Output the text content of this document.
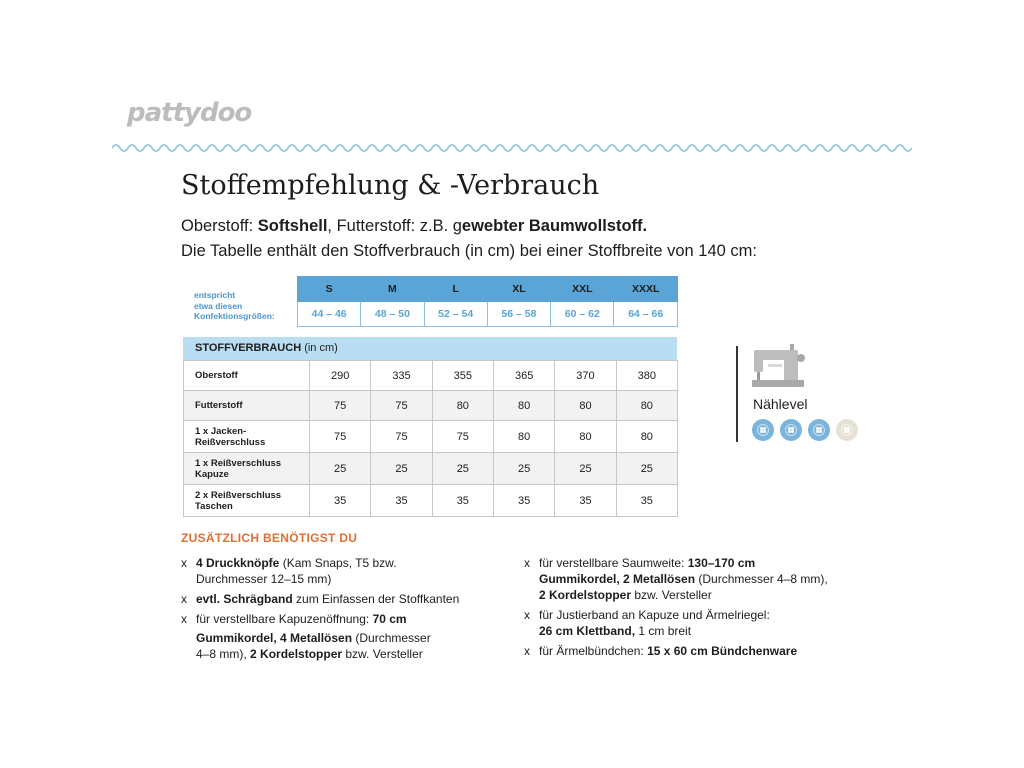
pattydoo
Stoffempfehlung & -Verbrauch
Oberstoff: Softshell, Futterstoff: z.B. gewebter Baumwollstoff.
Die Tabelle enthält den Stoffverbrauch (in cm) bei einer Stoffbreite von 140 cm:
entspricht
etwa diesen
Konfektionsgrößen:
S	M	L	XL	XXL	XXXL
44 – 46	48 – 50	52 – 54	56 – 58	60 – 62	64 – 66
STOFFVERBRAUCH (in cm)
Oberstoff	290	335	355	365	370	380
Futterstoff	75	75	80	80	80	80
1 x Jacken-
Reißverschluss	75	75	75	80	80	80
1 x Reißverschluss
Kapuze	25	25	25	25	25	25
2 x Reißverschluss
Taschen	35	35	35	35	35	35
Nählevel
ZUSÄTZLICH BENÖTIGST DU
x 4 Druckknöpfe (Kam Snaps, T5 bzw.
Durchmesser 12–15 mm)
x evtl. Schrägband zum Einfassen der Stoffkanten
x für verstellbare Kapuzenöffnung: 70 cm
Gummikordel, 4 Metallösen (Durchmesser
4–8 mm), 2 Kordelstopper bzw. Versteller
x für verstellbare Saumweite: 130–170 cm
Gummikordel, 2 Metallösen (Durchmesser 4–8 mm),
2 Kordelstopper bzw. Versteller
x für Justierband an Kapuze und Ärmelriegel:
26 cm Klettband, 1 cm breit
x für Ärmelbündchen: 15 x 60 cm Bündchenware
